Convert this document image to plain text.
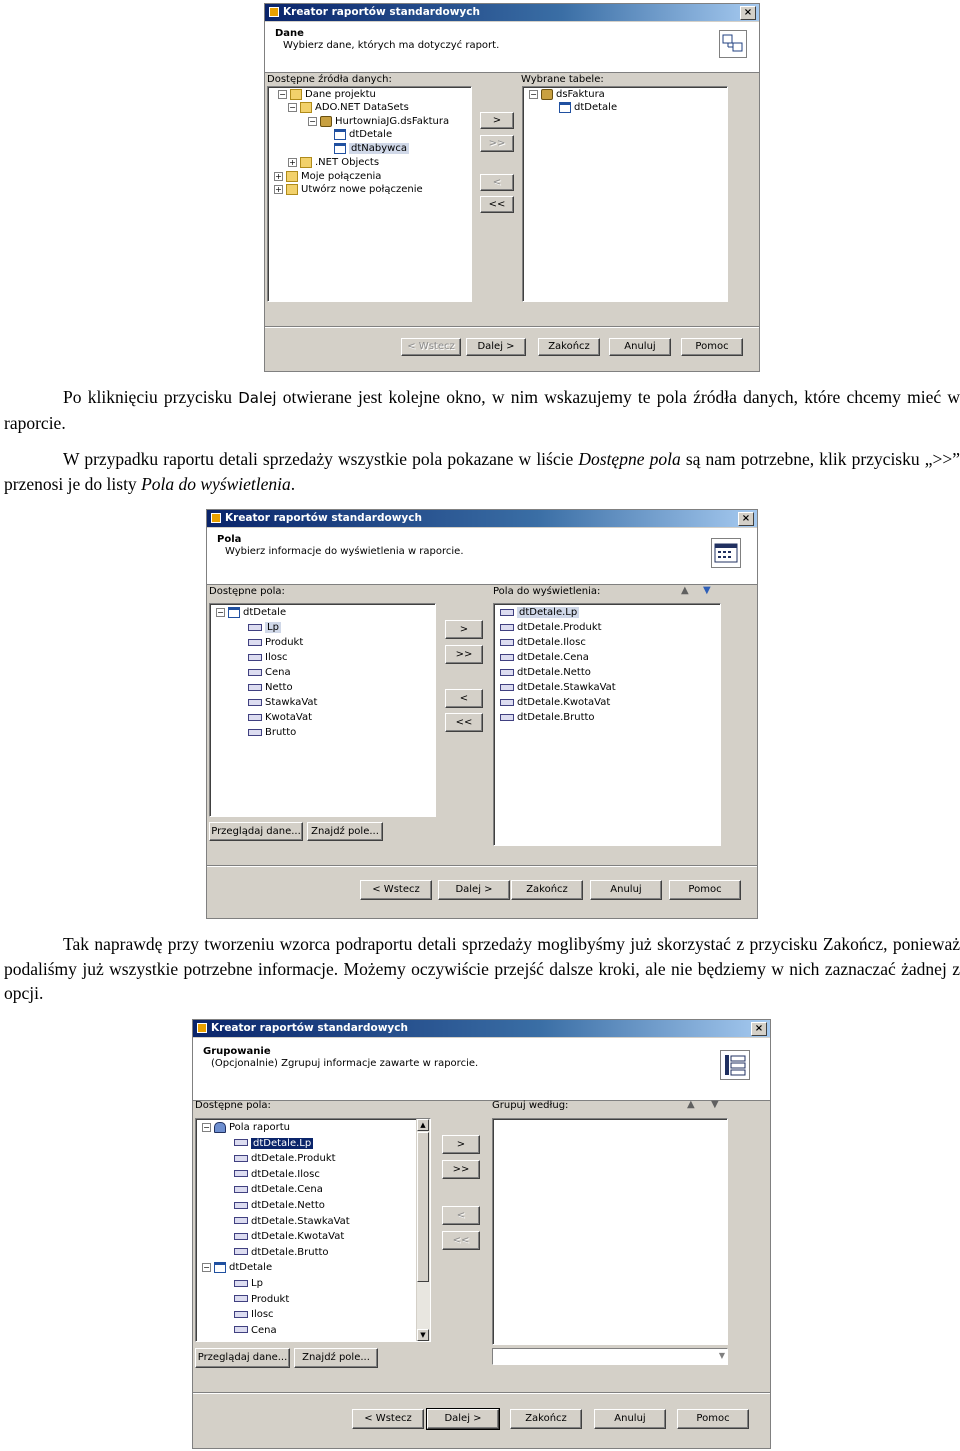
Kreator raportów standardowych	×
Dane
Wybierz dane, których ma dotyczyć raport.
Dostępne źródła danych:	Wybrane tabele:
− Dane projektu
− ADO.NET DataSets
− HurtowniaJG.dsFaktura
dtDetale
dtNabywca
+ .NET Objects
+ Moje połączenia
+ Utwórz nowe połączenie
− dsFaktura
dtDetale
>
>>
<
<<
< Wstecz	Dalej >	Zakończ	Anuluj	Pomoc
Po kliknięciu przycisku Dalej otwierane jest kolejne okno, w nim wskazujemy te pola źródła danych, które chcemy mieć w raporcie.
W przypadku raportu detali sprzedaży wszystkie pola pokazane w liście Dostępne pola są nam potrzebne, klik przycisku „>>” przenosi je do listy Pola do wyświetlenia.
Kreator raportów standardowych	×
Pola
Wybierz informacje do wyświetlenia w raporcie.
Dostępne pola:	Pola do wyświetlenia:	▲ ▼
− dtDetale
Lp
Produkt
Ilosc
Cena
Netto
StawkaVat
KwotaVat
Brutto
dtDetale.Lp
dtDetale.Produkt
dtDetale.Ilosc
dtDetale.Cena
dtDetale.Netto
dtDetale.StawkaVat
dtDetale.KwotaVat
dtDetale.Brutto
>
>>
<
<<
Przeglądaj dane...	Znajdź pole...
< Wstecz	Dalej >	Zakończ	Anuluj	Pomoc
Tak naprawdę przy tworzeniu wzorca podraportu detali sprzedaży moglibyśmy już skorzystać z przycisku Zakończ, ponieważ podaliśmy już wszystkie potrzebne informacje. Możemy oczywiście przejść dalsze kroki, ale nie będziemy w nich zaznaczać żadnej z opcji.
Kreator raportów standardowych	×
Grupowanie
(Opcjonalnie) Zgrupuj informacje zawarte w raporcie.
Dostępne pola:	Grupuj według:	▲ ▼
▲
▼
− Pola raportu
dtDetale.Lp
dtDetale.Produkt
dtDetale.Ilosc
dtDetale.Cena
dtDetale.Netto
dtDetale.StawkaVat
dtDetale.KwotaVat
dtDetale.Brutto
− dtDetale
Lp
Produkt
Ilosc
Cena
▼
>
>>
<
<<
Przeglądaj dane...	Znajdź pole...
< Wstecz	Dalej >	Zakończ	Anuluj	Pomoc
